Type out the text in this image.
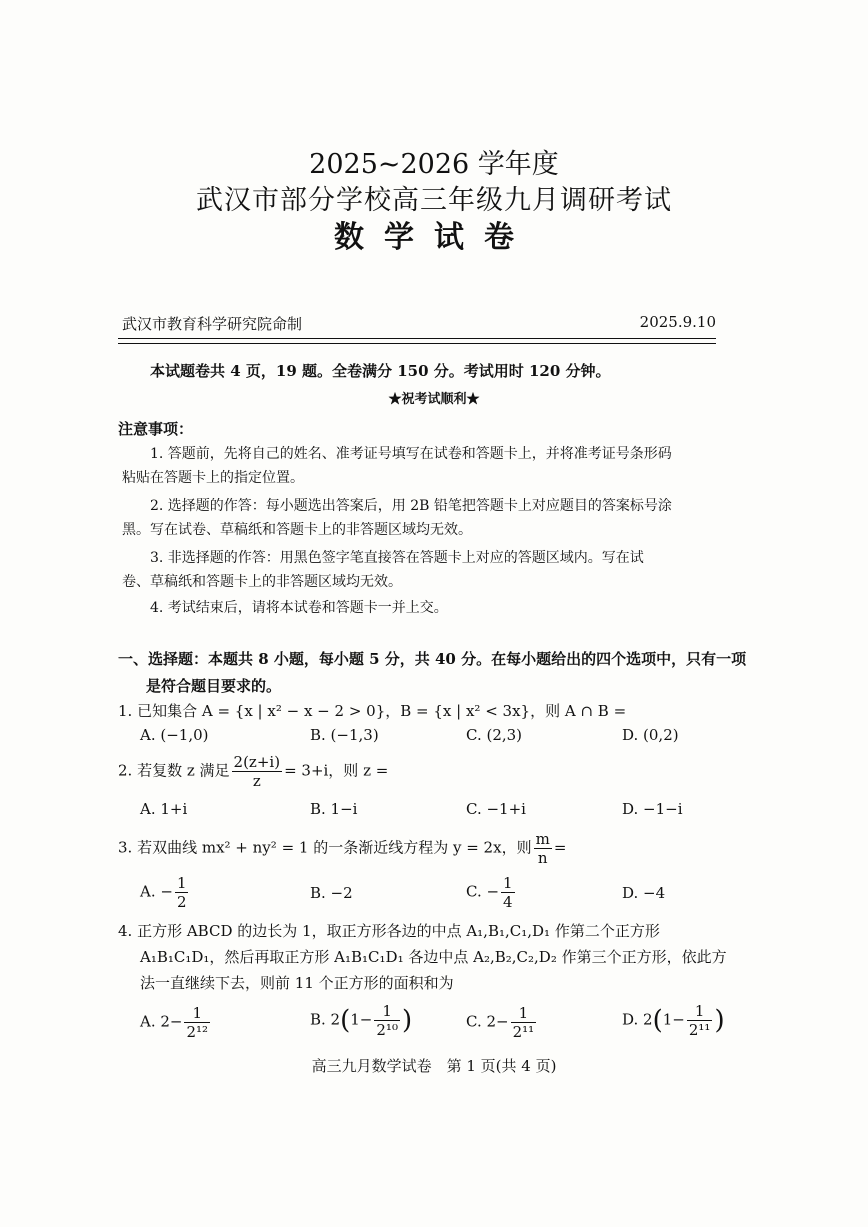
2025~2026 学年度
武汉市部分学校高三年级九月调研考试
数学试卷
武汉市教育科学研究院命制	2025.9.10
本试题卷共 4 页，19 题。全卷满分 150 分。考试用时 120 分钟。
★祝考试顺利★
注意事项：
1. 答题前，先将自己的姓名、准考证号填写在试卷和答题卡上，并将准考证号条形码
粘贴在答题卡上的指定位置。
2. 选择题的作答：每小题选出答案后，用 2B 铅笔把答题卡上对应题目的答案标号涂
黑。写在试卷、草稿纸和答题卡上的非答题区域均无效。
3. 非选择题的作答：用黑色签字笔直接答在答题卡上对应的答题区域内。写在试
卷、草稿纸和答题卡上的非答题区域均无效。
4. 考试结束后，请将本试卷和答题卡一并上交。
一、选择题：本题共 8 小题，每小题 5 分，共 40 分。在每小题给出的四个选项中，只有一项
是符合题目要求的。
1. 已知集合 A = {x | x² − x − 2 > 0}，B = {x | x² < 3x}，则 A ∩ B =
A. (−1,0)	B. (−1,3)	C. (2,3)	D. (0,2)
2. 若复数 z 满足 $\frac{2(z+i)}{z} = 3+i$，则 z =
A. 1+i	B. 1−i	C. −1+i	D. −1−i
3. 若双曲线 mx² + ny² = 1 的一条渐近线方程为 y = 2x，则 $\frac{m}{n}$ =
A. − $\frac{1}{2}$	B. −2	C. − $\frac{1}{4}$	D. −4
4. 正方形 ABCD 的边长为 1，取正方形各边的中点 A₁,B₁,C₁,D₁ 作第二个正方形
A₁B₁C₁D₁，然后再取正方形 A₁B₁C₁D₁ 各边中点 A₂,B₂,C₂,D₂ 作第三个正方形，依此方
法一直继续下去，则前 11 个正方形的面积和为
A. $2- \frac{1}{\text{2¹²}}$	B. $2(1- \frac{1}{\text{2¹⁰}}$ )	C. $2- \frac{1}{\text{2¹¹}}$	D. $2(1- \frac{1}{\text{2¹¹}}$ )
高三九月数学试卷　第 1 页(共 4 页)
